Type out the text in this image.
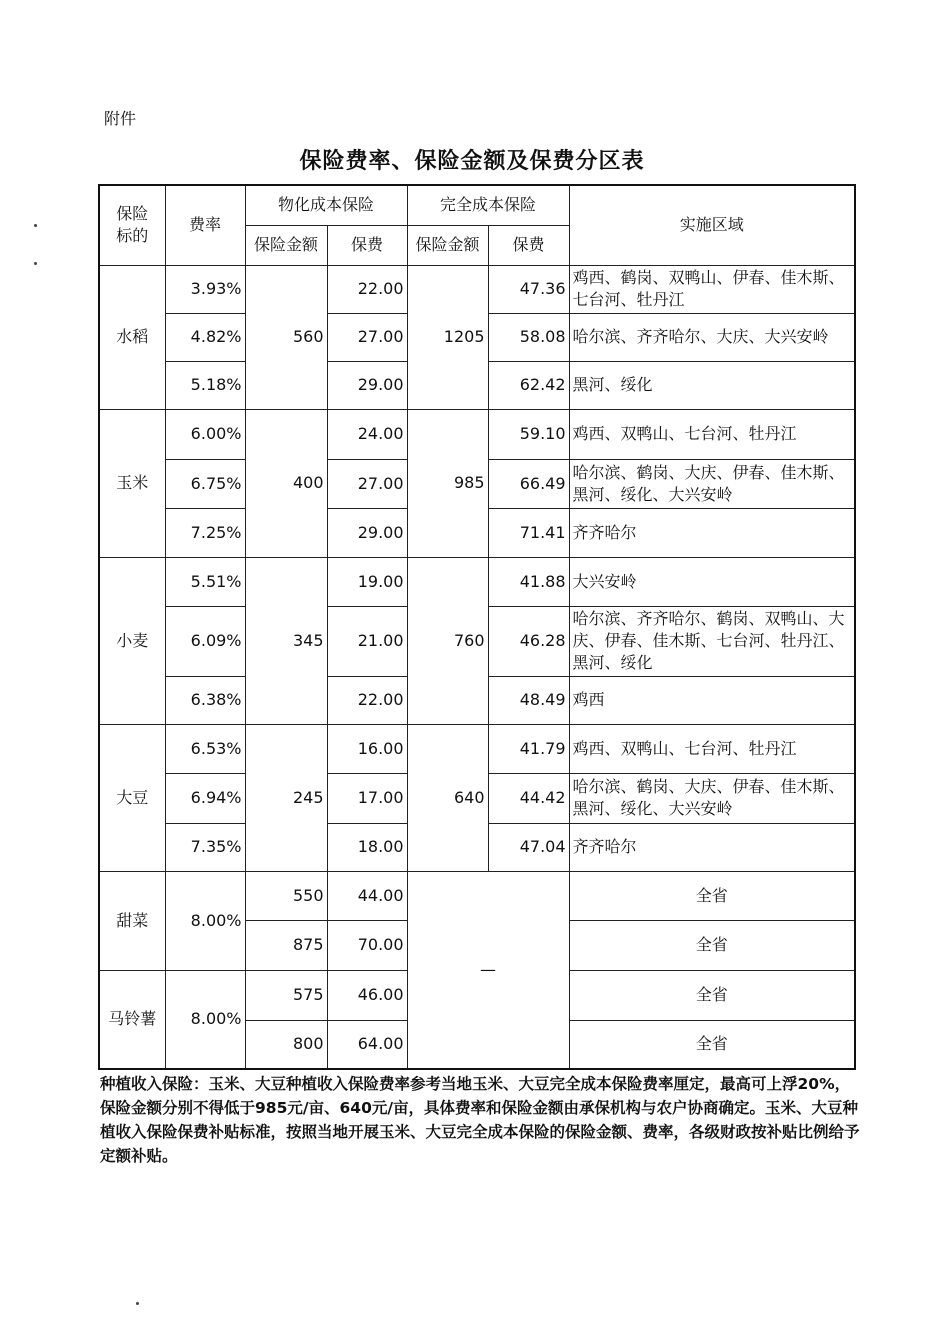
附件
保险费率、保险金额及保费分区表
保险标的	费率	物化成本保险		完全成本保险		实施区域
		保险金额	保费	保险金额	保费	
水稻	3.93%	560	22.00	1205	47.36	鸡西、鹤岗、双鸭山、伊春、佳木斯、七台河、牡丹江
	4.82%		27.00		58.08	哈尔滨、齐齐哈尔、大庆、大兴安岭
	5.18%		29.00		62.42	黑河、绥化
玉米	6.00%	400	24.00	985	59.10	鸡西、双鸭山、七台河、牡丹江
	6.75%		27.00		66.49	哈尔滨、鹤岗、大庆、伊春、佳木斯、黑河、绥化、大兴安岭
	7.25%		29.00		71.41	齐齐哈尔
小麦	5.51%	345	19.00	760	41.88	大兴安岭
	6.09%		21.00		46.28	哈尔滨、齐齐哈尔、鹤岗、双鸭山、大庆、伊春、佳木斯、七台河、牡丹江、黑河、绥化
	6.38%		22.00		48.49	鸡西
大豆	6.53%	245	16.00	640	41.79	鸡西、双鸭山、七台河、牡丹江
	6.94%		17.00		44.42	哈尔滨、鹤岗、大庆、伊春、佳木斯、黑河、绥化、大兴安岭
	7.35%		18.00		47.04	齐齐哈尔
甜菜	8.00%	550	44.00	—		全省
		875	70.00			全省
马铃薯	8.00%	575	46.00			全省
		800	64.00			全省
种植收入保险：玉米、大豆种植收入保险费率参考当地玉米、大豆完全成本保险费率厘定，最高可上浮20%，保险金额分别不得低于985元/亩、640元/亩，具体费率和保险金额由承保机构与农户协商确定。玉米、大豆种植收入保险保费补贴标准，按照当地开展玉米、大豆完全成本保险的保险金额、费率，各级财政按补贴比例给予定额补贴。
